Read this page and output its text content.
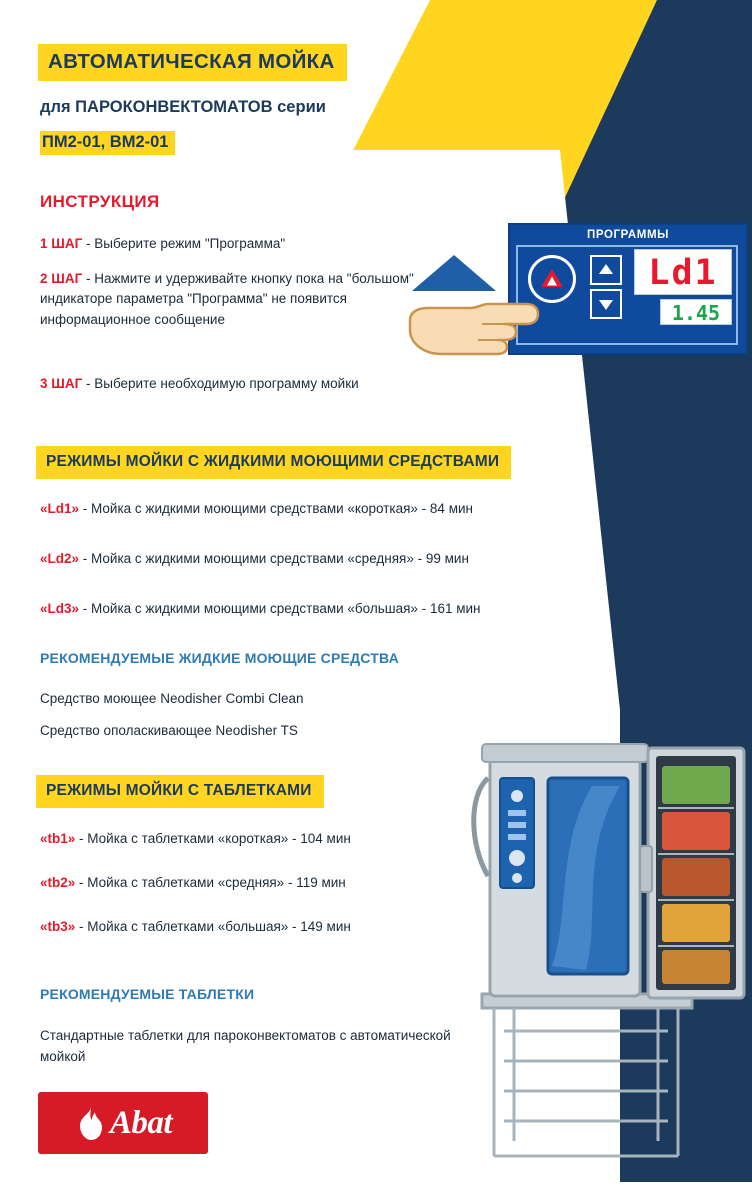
АВТОМАТИЧЕСКАЯ МОЙКА
для ПАРОКОНВЕКТОМАТОВ серии
ПМ2-01, ВМ2-01
ИНСТРУКЦИЯ
1 ШАГ - Выберите режим "Программа"
2 ШАГ - Нажмите и удерживайте кнопку пока на "большом" индикаторе параметра "Программа" не появится информационное сообщение
3 ШАГ - Выберите необходимую программу мойки
ПРОГРАММЫ
Ld1
1.45
РЕЖИМЫ МОЙКИ С ЖИДКИМИ МОЮЩИМИ СРЕДСТВАМИ
«Ld1» - Мойка с жидкими моющими средствами «короткая» - 84 мин
«Ld2» - Мойка с жидкими моющими средствами «средняя» - 99 мин
«Ld3» - Мойка с жидкими моющими средствами «большая» - 161 мин
РЕКОМЕНДУЕМЫЕ ЖИДКИЕ МОЮЩИЕ СРЕДСТВА
Средство моющее Neodisher Combi Clean
Средство ополаскивающее Neodisher TS
РЕЖИМЫ МОЙКИ С ТАБЛЕТКАМИ
«tb1» - Мойка с таблетками «короткая» - 104 мин
«tb2» - Мойка с таблетками «средняя» - 119 мин
«tb3» - Мойка с таблетками «большая» - 149 мин
РЕКОМЕНДУЕМЫЕ ТАБЛЕТКИ
Стандартные таблетки для пароконвектоматов с автоматической мойкой
Abat
